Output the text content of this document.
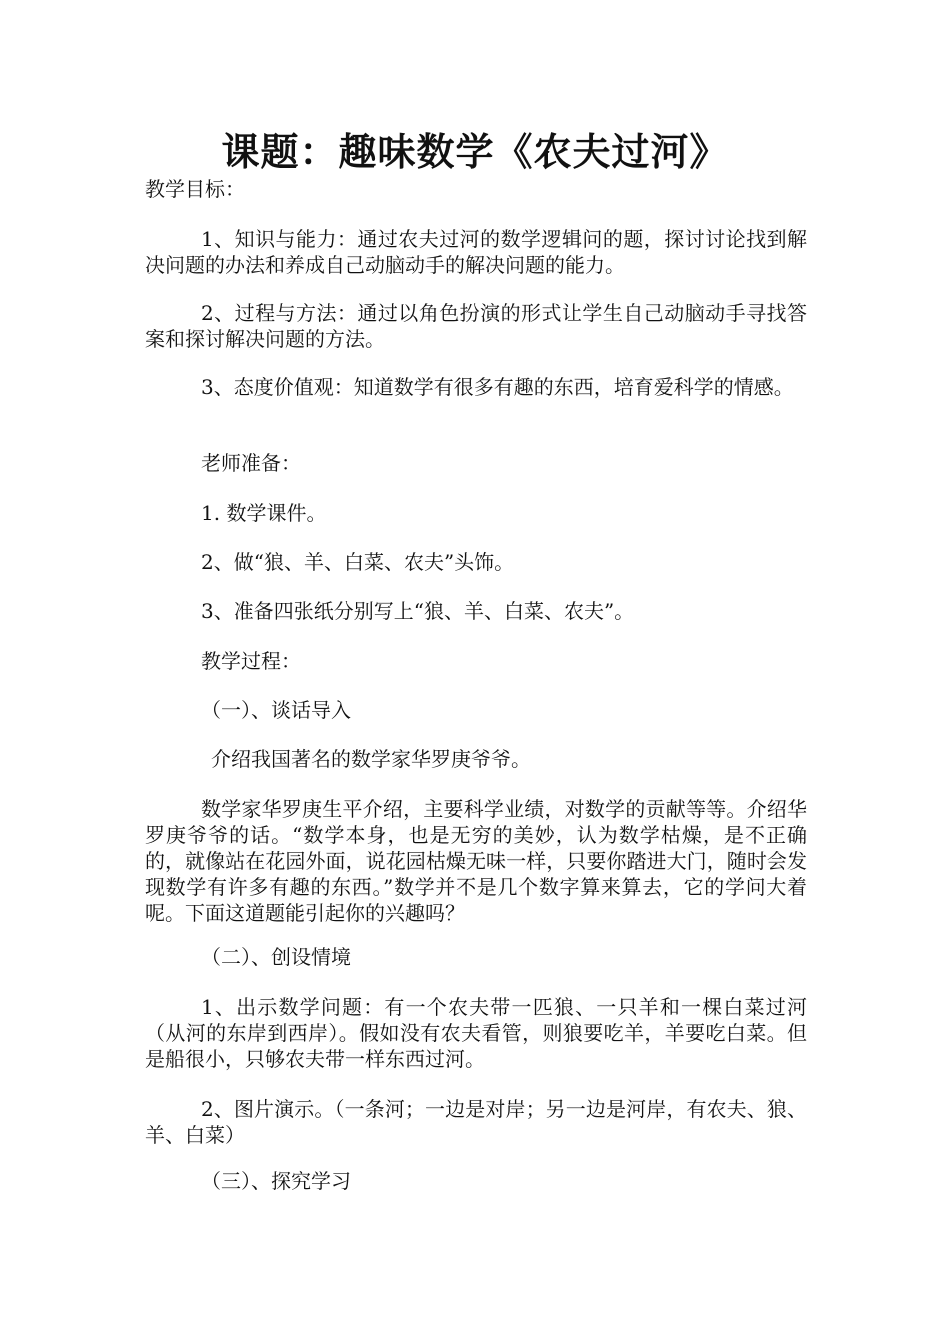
课题：趣味数学《农夫过河》

教学目标：

1、知识与能力：通过农夫过河的数学逻辑问的题，探讨讨论找到解决问题的办法和养成自己动脑动手的解决问题的能力。

2、过程与方法：通过以角色扮演的形式让学生自己动脑动手寻找答案和探讨解决问题的方法。

3、态度价值观：知道数学有很多有趣的东西，培育爱科学的情感。

老师准备：

1. 数学课件。

2、做“狼、羊、白菜、农夫”头饰。

3、准备四张纸分别写上“狼、羊、白菜、农夫”。

教学过程：

（一）、谈话导入

介绍我国著名的数学家华罗庚爷爷。

数学家华罗庚生平介绍，主要科学业绩，对数学的贡献等等。介绍华罗庚爷爷的话。“数学本身，也是无穷的美妙，认为数学枯燥，是不正确的，就像站在花园外面，说花园枯燥无味一样，只要你踏进大门，随时会发现数学有许多有趣的东西。”数学并不是几个数字算来算去，它的学问大着呢。下面这道题能引起你的兴趣吗？

（二）、创设情境

1、出示数学问题：有一个农夫带一匹狼、一只羊和一棵白菜过河（从河的东岸到西岸）。假如没有农夫看管，则狼要吃羊，羊要吃白菜。但是船很小，只够农夫带一样东西过河。

2、图片演示。（一条河；一边是对岸；另一边是河岸，有农夫、狼、羊、白菜）

（三）、探究学习
